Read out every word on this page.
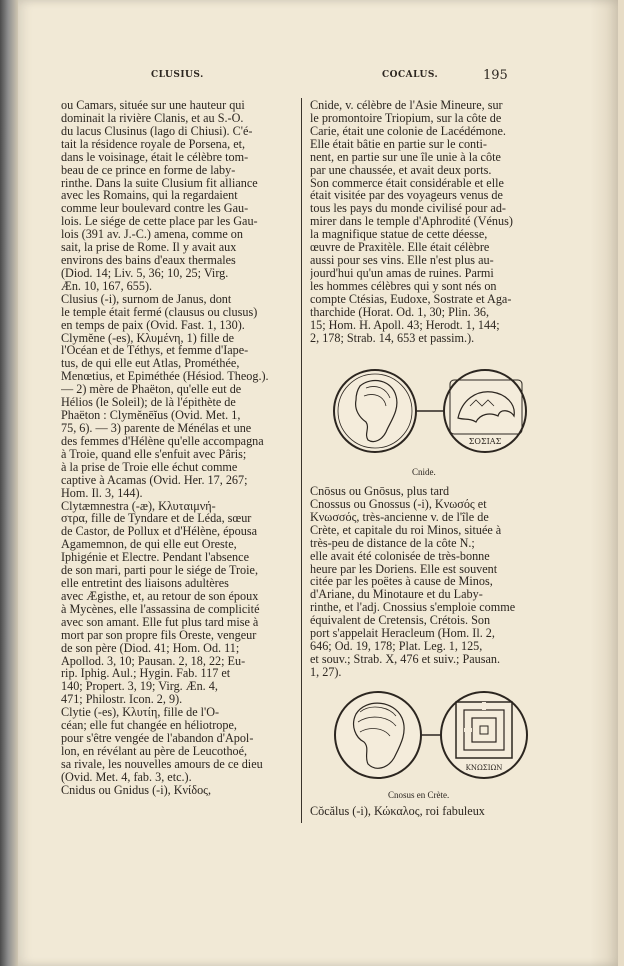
CLUSIUS.	COCALUS.	195
ou Camars, située sur une hauteur qui
dominait la rivière Clanis, et au S.-O.
du lacus Clusinus (lago di Chiusi). C'é-
tait la résidence royale de Porsena, et,
dans le voisinage, était le célèbre tom-
beau de ce prince en forme de laby-
rinthe. Dans la suite Clusium fit alliance
avec les Romains, qui la regardaient
comme leur boulevard contre les Gau-
lois. Le siége de cette place par les Gau-
lois (391 av. J.-C.) amena, comme on
sait, la prise de Rome. Il y avait aux
environs des bains d'eaux thermales
(Diod. 14; Liv. 5, 36; 10, 25; Virg.
Æn. 10, 167, 655).
Clusius (-i), surnom de Janus, dont
le temple était fermé (clausus ou clusus)
en temps de paix (Ovid. Fast. 1, 130).
Clymĕne (-es), Κλυμένη, 1) fille de
l'Océan et de Téthys, et femme d'Iape-
tus, de qui elle eut Atlas, Prométhée,
Menœtius, et Epiméthée (Hésiod. Theog.).
— 2) mère de Phaëton, qu'elle eut de
Hélios (le Soleil); de là l'épithète de
Phaëton : Clymĕnēĭus (Ovid. Met. 1,
75, 6). — 3) parente de Ménélas et une
des femmes d'Hélène qu'elle accompagna
à Troie, quand elle s'enfuit avec Pâris;
à la prise de Troie elle échut comme
captive à Acamas (Ovid. Her. 17, 267;
Hom. Il. 3, 144).
Clytæmnestra (-æ), Κλυταιμνή-
στρα, fille de Tyndare et de Léda, sœur
de Castor, de Pollux et d'Hélène, épousa
Agamemnon, de qui elle eut Oreste,
Iphigénie et Electre. Pendant l'absence
de son mari, parti pour le siége de Troie,
elle entretint des liaisons adultères
avec Ægisthe, et, au retour de son époux
à Mycènes, elle l'assassina de complicité
avec son amant. Elle fut plus tard mise à
mort par son propre fils Oreste, vengeur
de son père (Diod. 41; Hom. Od. 11;
Apollod. 3, 10; Pausan. 2, 18, 22; Eu-
rip. Iphig. Aul.; Hygin. Fab. 117 et
140; Propert. 3, 19; Virg. Æn. 4,
471; Philostr. Icon. 2, 9).
Clytie (-es), Κλυτίη, fille de l'O-
céan; elle fut changée en héliotrope,
pour s'être vengée de l'abandon d'Apol-
lon, en révélant au père de Leucothoé,
sa rivale, les nouvelles amours de ce dieu
(Ovid. Met. 4, fab. 3, etc.).
Cnidus ou Gnidus (-i), Κνίδος,
Cnide, v. célèbre de l'Asie Mineure, sur
le promontoire Triopium, sur la côte de
Carie, était une colonie de Lacédémone.
Elle était bâtie en partie sur le conti-
nent, en partie sur une île unie à la côte
par une chaussée, et avait deux ports.
Son commerce était considérable et elle
était visitée par des voyageurs venus de
tous les pays du monde civilisé pour ad-
mirer dans le temple d'Aphrodité (Vénus)
la magnifique statue de cette déesse,
œuvre de Praxitèle. Elle était célèbre
aussi pour ses vins. Elle n'est plus au-
jourd'hui qu'un amas de ruines. Parmi
les hommes célèbres qui y sont nés on
compte Ctésias, Eudoxe, Sostrate et Aga-
tharchide (Horat. Od. 1, 30; Plin. 36,
15; Hom. H. Apoll. 43; Herodt. 1, 144;
2, 178; Strab. 14, 653 et passim.).
ΣΟΣΙΑΣ
Cnide.
Cnōsus ou Gnōsus, plus tard
Cnossus ou Gnossus (-i), Κνωσός et
Κνωσσός, très-ancienne v. de l'île de
Crète, et capitale du roi Minos, située à
très-peu de distance de la côte N.;
elle avait été colonisée de très-bonne
heure par les Doriens. Elle est souvent
citée par les poëtes à cause de Minos,
d'Ariane, du Minotaure et du Laby-
rinthe, et l'adj. Cnossius s'emploie comme
équivalent de Cretensis, Crétois. Son
port s'appelait Heracleum (Hom. Il. 2,
646; Od. 19, 178; Plat. Leg. 1, 125,
et souv.; Strab. X, 476 et suiv.; Pausan.
1, 27).
ΚΝΩΣΙΩΝ
Cnosus en Crète.
Cŏcălus (-i), Κώκαλος, roi fabuleux
